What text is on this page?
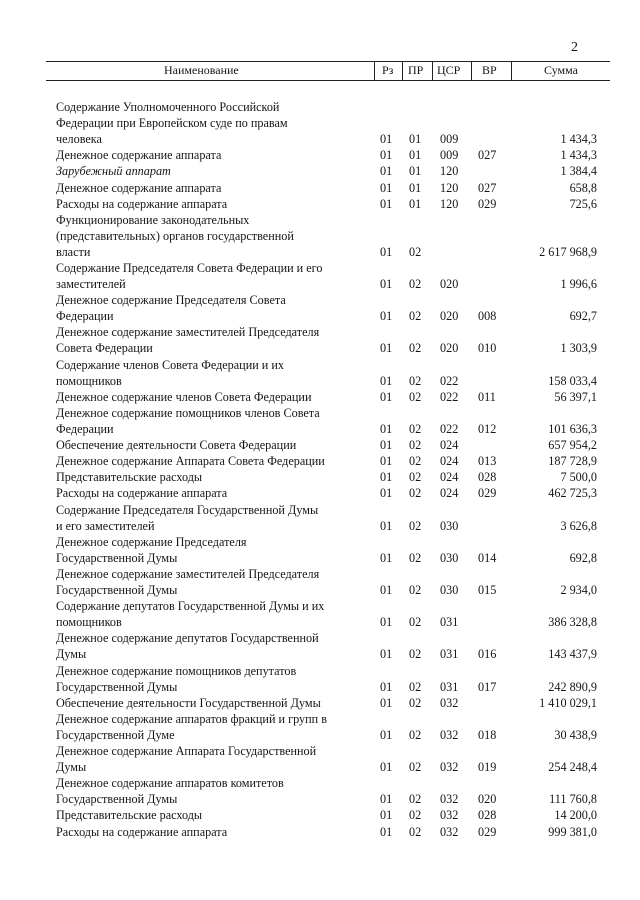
2
Наименование	Рз ПР ЦСР ВР	Сумма
Содержание Уполномоченного Российской
Федерации при Европейском суде по правам
человека	01 01 009	1 434,3
Денежное содержание аппарата	01 01 009 027	1 434,3
Зарубежный аппарат	01 01 120	1 384,4
Денежное содержание аппарата	01 01 120 027	658,8
Расходы на содержание аппарата	01 01 120 029	725,6
Функционирование законодательных
(представительных) органов государственной
власти	01 02	2 617 968,9
Содержание Председателя Совета Федерации и его
заместителей	01 02 020	1 996,6
Денежное содержание Председателя Совета
Федерации	01 02 020 008	692,7
Денежное содержание заместителей Председателя
Совета Федерации	01 02 020 010	1 303,9
Содержание членов Совета Федерации и их
помощников	01 02 022	158 033,4
Денежное содержание членов Совета Федерации	01 02 022 011	56 397,1
Денежное содержание помощников членов Совета
Федерации	01 02 022 012	101 636,3
Обеспечение деятельности Совета Федерации	01 02 024	657 954,2
Денежное содержание Аппарата Совета Федерации	01 02 024 013	187 728,9
Представительские расходы	01 02 024 028	7 500,0
Расходы на содержание аппарата	01 02 024 029	462 725,3
Содержание Председателя Государственной Думы
и его заместителей	01 02 030	3 626,8
Денежное содержание Председателя
Государственной Думы	01 02 030 014	692,8
Денежное содержание заместителей Председателя
Государственной Думы	01 02 030 015	2 934,0
Содержание депутатов Государственной Думы и их
помощников	01 02 031	386 328,8
Денежное содержание депутатов Государственной
Думы	01 02 031 016	143 437,9
Денежное содержание помощников депутатов
Государственной Думы	01 02 031 017	242 890,9
Обеспечение деятельности Государственной Думы	01 02 032	1 410 029,1
Денежное содержание аппаратов фракций и групп в
Государственной Думе	01 02 032 018	30 438,9
Денежное содержание Аппарата Государственной
Думы	01 02 032 019	254 248,4
Денежное содержание аппаратов комитетов
Государственной Думы	01 02 032 020	111 760,8
Представительские расходы	01 02 032 028	14 200,0
Расходы на содержание аппарата	01 02 032 029	999 381,0
